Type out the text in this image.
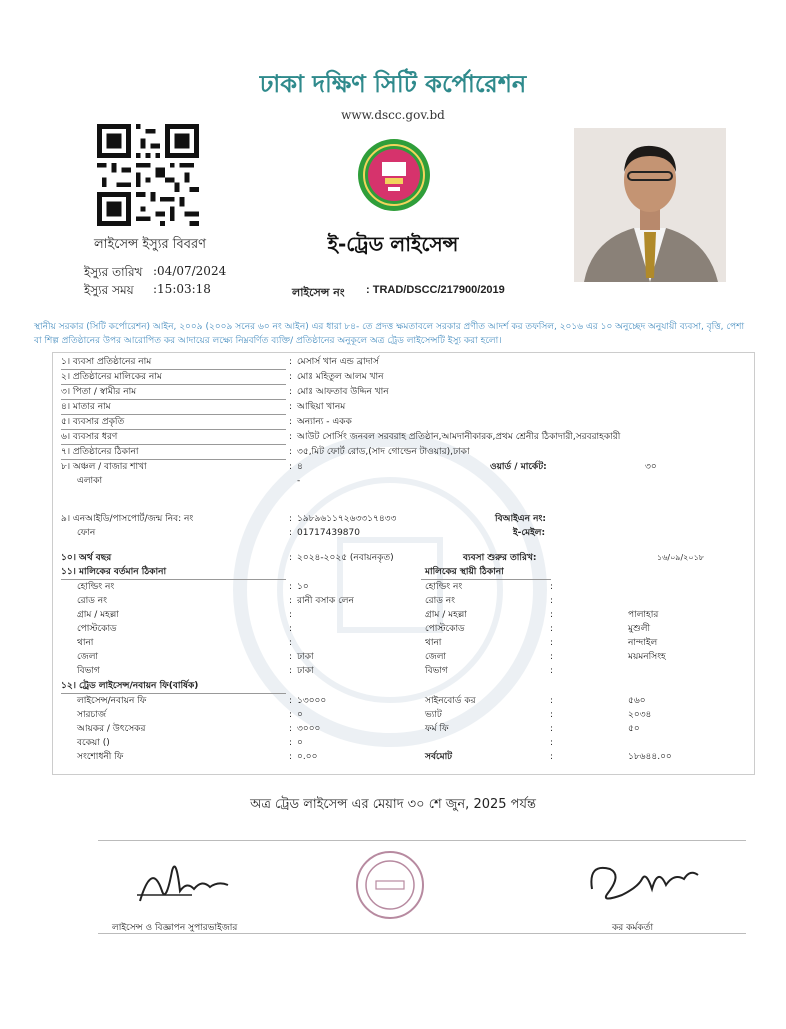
ঢাকা দক্ষিণ সিটি কর্পোরেশন
www.dscc.gov.bd
লাইসেন্স ইস্যুর বিবরণ	ই-ট্রেড লাইসেন্স
ইস্যুর তারিখ :04/07/2024
ইস্যুর সময় :15:03:18	লাইসেন্স নং : TRAD/DSCC/217900/2019
স্থানীয় সরকার (সিটি কর্পোরেশন) আইন, ২০০৯ (২০০৯ সনের ৬০ নং আইন) এর ধারা ৮৪- তে প্রদত্ত ক্ষমতাবলে সরকার প্রণীত আদর্শ কর তফসিল, ২০১৬ এর ১০ অনুচ্ছেদ অনুযায়ী ব্যবসা, বৃত্তি, পেশা বা শিল্প প্রতিষ্ঠানের উপর আরোপিত কর আদায়ের লক্ষ্যে নিম্নবর্ণিত ব্যক্তি/ প্রতিষ্ঠানের অনুকূলে অত্র ট্রেড লাইসেন্সটি ইস্যু করা হলো।
১। ব্যবসা প্রতিষ্ঠানের নাম	: মেসার্স খান এন্ড ব্রাদার্স
২। প্রতিষ্ঠানের মালিকের নাম	: মোঃ মহিতুল আলম খান
৩। পিতা / স্বামীর নাম	: মোঃ আফতাব উদ্দিন খান
৪। মাতার নাম	: আছিয়া খানম
৫। ব্যবসার প্রকৃতি	: অন্যান্য - একক
৬। ব্যবসার ধরণ	: আউট সোর্সিং জনবল সরবরাহ প্রতিষ্ঠান,আমদানীকারক,প্রথম শ্রেনীর ঠিকাদারী,সরবরাহকারী
৭। প্রতিষ্ঠানের ঠিকানা	: ৩৫,মিট ফোর্ট রোড,(সাদ গোল্ডেন টাওয়ার),ঢাকা
৮। অঞ্চল / বাজার শাখা	: ৪	ওয়ার্ড / মার্কেট:	৩০
এলাকা	-
৯। এনআইডি/পাসপোর্ট/জন্ম নিব: নং	: ১৯৮৯৬১১৭২৬৩৩১৭৪৩৩	বিআইএন নং:
ফোন	: 01717439870	ই-মেইল:
১০। অর্থ বছর	: ২০২৪-২০২৫ (নবায়নকৃত)	ব্যবসা শুরুর তারিখ:	১৬/০৯/২০১৮
১১। মালিকের বর্তমান ঠিকানা	মালিকের স্থায়ী ঠিকানা
হোল্ডিং নং	: ১০	হোল্ডিং নং	:
রোড নং	: রানী বসাক লেন	রোড নং	:
গ্রাম / মহল্লা	:	গ্রাম / মহল্লা	:	পালাহার
পোস্টকোড	:	পোস্টকোড	:	মুশুলী
থানা	:	থানা	:	নান্দাইল
জেলা	: ঢাকা	জেলা	:	ময়মনসিংহ
বিভাগ	: ঢাকা	বিভাগ	:
১২। ট্রেড লাইসেন্স/নবায়ন ফি(বার্ষিক)
লাইসেন্স/নবায়ন ফি	: ১৩০০০	সাইনবোর্ড কর	:	৫৬০
সারচার্জ	: ০	ভ্যাট	:	২০৩৪
আয়কর / উৎসেকর	: ৩০০০	ফর্ম ফি	:	৫০
বকেয়া ()	: ০	:
সংশোধনী ফি	: ০.০০	সর্বমোট	:	১৮৬৪৪.০০
অত্র ট্রেড লাইসেন্স এর মেয়াদ ৩০ শে জুন, 2025 পর্যন্ত
লাইসেন্স ও বিজ্ঞাপন সুপারভাইজার	কর কর্মকর্তা
